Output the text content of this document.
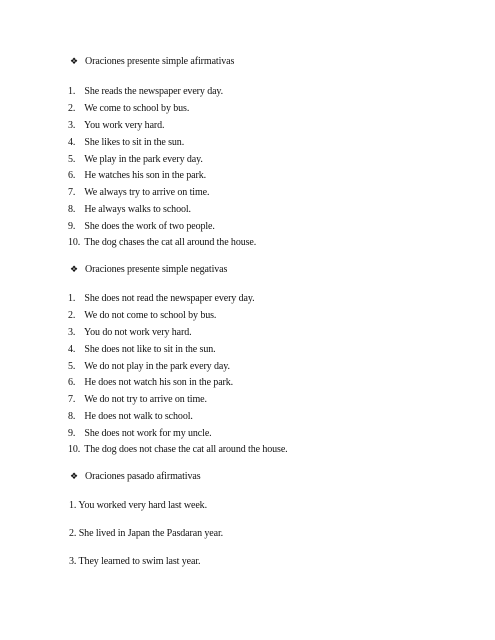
❖ Oraciones presente simple afirmativas
1. She reads the newspaper every day.
2. We come to school by bus.
3. You work very hard.
4. She likes to sit in the sun.
5. We play in the park every day.
6. He watches his son in the park.
7. We always try to arrive on time.
8. He always walks to school.
9. She does the work of two people.
10. The dog chases the cat all around the house.
❖ Oraciones presente simple negativas
1. She does not read the newspaper every day.
2. We do not come to school by bus.
3. You do not work very hard.
4. She does not like to sit in the sun.
5. We do not play in the park every day.
6. He does not watch his son in the park.
7. We do not try to arrive on time.
8. He does not walk to school.
9. She does not work for my uncle.
10. The dog does not chase the cat all around the house.
❖ Oraciones pasado afirmativas
1. You worked very hard last week.
2. She lived in Japan the Pasdaran year.
3. They learned to swim last year.
